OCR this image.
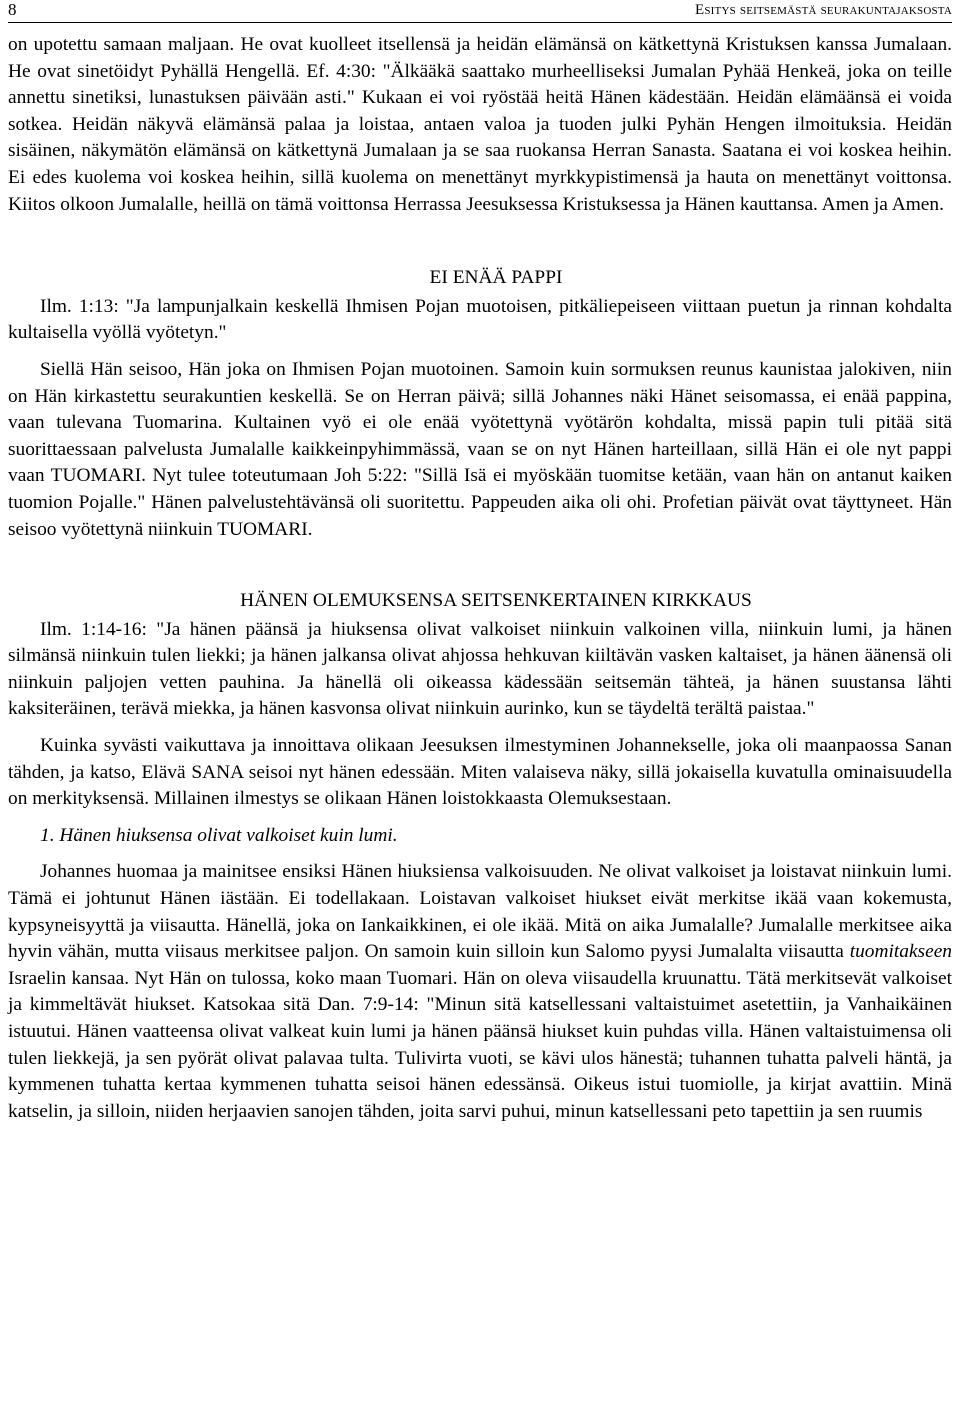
8	Esitys seitsemästä seurakuntajaksosta

on upotettu samaan maljaan. He ovat kuolleet itsellensä ja heidän elämänsä on kätkettynä Kristuksen kanssa Jumalaan. He ovat sinetöidyt Pyhällä Hengellä. Ef. 4:30: "Älkääkä saattako murheelliseksi Jumalan Pyhää Henkeä, joka on teille annettu sinetiksi, lunastuksen päivään asti." Kukaan ei voi ryöstää heitä Hänen kädestään. Heidän elämäänsä ei voida sotkea. Heidän näkyvä elämänsä palaa ja loistaa, antaen valoa ja tuoden julki Pyhän Hengen ilmoituksia. Heidän sisäinen, näkymätön elämänsä on kätkettynä Jumalaan ja se saa ruokansa Herran Sanasta. Saatana ei voi koskea heihin. Ei edes kuolema voi koskea heihin, sillä kuolema on menettänyt myrkkypistimensä ja hauta on menettänyt voittonsa. Kiitos olkoon Jumalalle, heillä on tämä voittonsa Herrassa Jeesuksessa Kristuksessa ja Hänen kauttansa. Amen ja Amen.

EI ENÄÄ PAPPI

Ilm. 1:13: "Ja lampunjalkain keskellä Ihmisen Pojan muotoisen, pitkäliepeiseen viittaan puetun ja rinnan kohdalta kultaisella vyöllä vyötetyn."

Siellä Hän seisoo, Hän joka on Ihmisen Pojan muotoinen. Samoin kuin sormuksen reunus kaunistaa jalokiven, niin on Hän kirkastettu seurakuntien keskellä. Se on Herran päivä; sillä Johannes näki Hänet seisomassa, ei enää pappina, vaan tulevana Tuomarina. Kultainen vyö ei ole enää vyötettynä vyötärön kohdalta, missä papin tuli pitää sitä suorittaessaan palvelusta Jumalalle kaikkeinpyhimmässä, vaan se on nyt Hänen harteillaan, sillä Hän ei ole nyt pappi vaan TUOMARI. Nyt tulee toteutumaan Joh 5:22: "Sillä Isä ei myöskään tuomitse ketään, vaan hän on antanut kaiken tuomion Pojalle." Hänen palvelustehtävänsä oli suoritettu. Pappeuden aika oli ohi. Profetian päivät ovat täyttyneet. Hän seisoo vyötettynä niinkuin TUOMARI.

HÄNEN OLEMUKSENSA SEITSENKERTAINEN KIRKKAUS

Ilm. 1:14-16: "Ja hänen päänsä ja hiuksensa olivat valkoiset niinkuin valkoinen villa, niinkuin lumi, ja hänen silmänsä niinkuin tulen liekki; ja hänen jalkansa olivat ahjossa hehkuvan kiiltävän vasken kaltaiset, ja hänen äänensä oli niinkuin paljojen vetten pauhina. Ja hänellä oli oikeassa kädessään seitsemän tähteä, ja hänen suustansa lähti kaksiteräinen, terävä miekka, ja hänen kasvonsa olivat niinkuin aurinko, kun se täydeltä terältä paistaa."

Kuinka syvästi vaikuttava ja innoittava olikaan Jeesuksen ilmestyminen Johannekselle, joka oli maanpaossa Sanan tähden, ja katso, Elävä SANA seisoi nyt hänen edessään. Miten valaiseva näky, sillä jokaisella kuvatulla ominaisuudella on merkityksensä. Millainen ilmestys se olikaan Hänen loistokkaasta Olemuksestaan.

1. Hänen hiuksensa olivat valkoiset kuin lumi.

Johannes huomaa ja mainitsee ensiksi Hänen hiuksiensa valkoisuuden. Ne olivat valkoiset ja loistavat niinkuin lumi. Tämä ei johtunut Hänen iästään. Ei todellakaan. Loistavan valkoiset hiukset eivät merkitse ikää vaan kokemusta, kypsyneisyyttä ja viisautta. Hänellä, joka on Iankaikkinen, ei ole ikää. Mitä on aika Jumalalle? Jumalalle merkitsee aika hyvin vähän, mutta viisaus merkitsee paljon. On samoin kuin silloin kun Salomo pyysi Jumalalta viisautta tuomitakseen Israelin kansaa. Nyt Hän on tulossa, koko maan Tuomari. Hän on oleva viisaudella kruunattu. Tätä merkitsevät valkoiset ja kimmeltävät hiukset. Katsokaa sitä Dan. 7:9-14: "Minun sitä katsellessani valtaistuimet asetettiin, ja Vanhaikäinen istuutui. Hänen vaatteensa olivat valkeat kuin lumi ja hänen päänsä hiukset kuin puhdas villa. Hänen valtaistuimensa oli tulen liekkejä, ja sen pyörät olivat palavaa tulta. Tulivirta vuoti, se kävi ulos hänestä; tuhannen tuhatta palveli häntä, ja kymmenen tuhatta kertaa kymmenen tuhatta seisoi hänen edessänsä. Oikeus istui tuomiolle, ja kirjat avattiin. Minä katselin, ja silloin, niiden herjaavien sanojen tähden, joita sarvi puhui, minun katsellessani peto tapettiin ja sen ruumis
